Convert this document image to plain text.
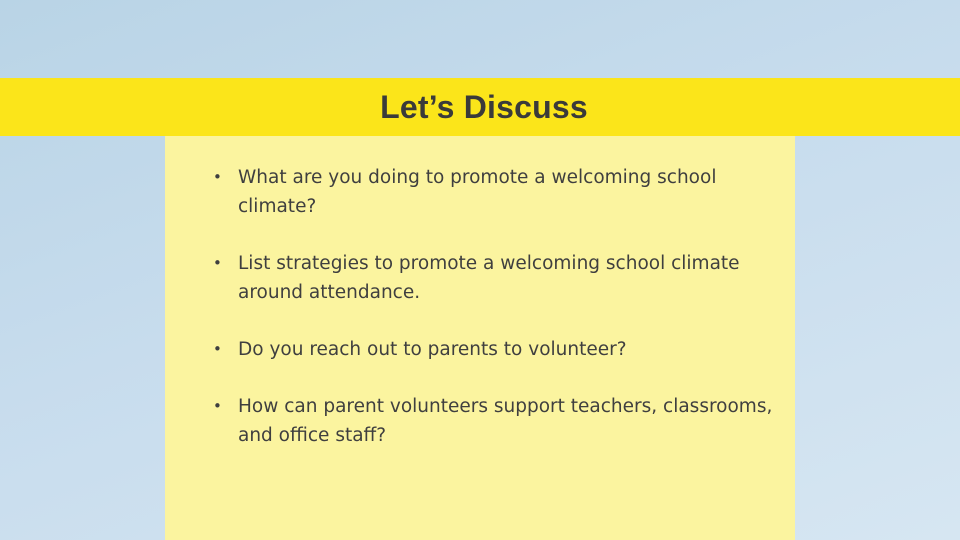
Let’s Discuss
• What are you doing to promote a welcoming school climate?
• List strategies to promote a welcoming school climate around attendance.
• Do you reach out to parents to volunteer?
• How can parent volunteers support teachers, classrooms, and office staff?
